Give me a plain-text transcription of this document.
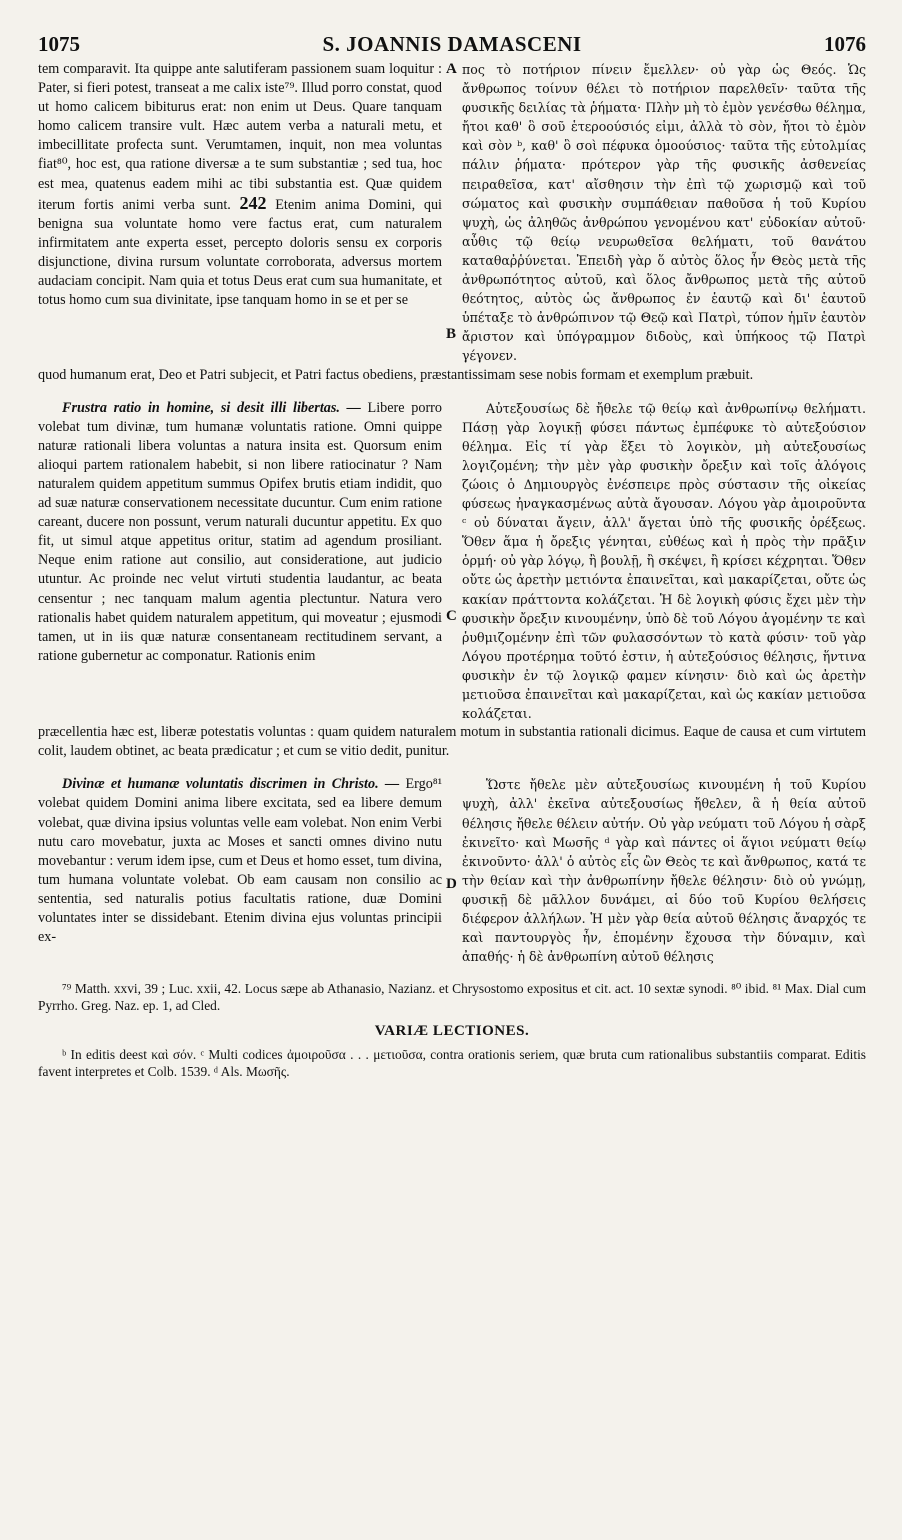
1075	S. JOANNIS DAMASCENI	1076

tem comparavit. Ita quippe ante salutiferam passionem suam loquitur : Pater, si fieri potest, transeat a me calix iste⁷⁹. Illud porro constat, quod ut homo calicem bibiturus erat: non enim ut Deus. Quare tanquam homo calicem transire vult. Hæc autem verba a naturali metu, et imbecillitate profecta sunt. Verumtamen, inquit, non mea voluntas fiat⁸⁰, hoc est, qua ratione diversæ a te sum substantiæ ; sed tua, hoc est mea, quatenus eadem mihi ac tibi substantia est. Quæ quidem iterum fortis animi verba sunt. 242 Etenim anima Domini, qui benigna sua voluntate homo vere factus erat, cum naturalem infirmitatem ante experta esset, percepto doloris sensu ex corporis disjunctione, divina rursum voluntate corroborata, adversus mortem audaciam concipit. Nam quia et totus Deus erat cum sua humanitate, et totus homo cum sua divinitate, ipse tanquam homo in se et per se

A
B

πος τὸ ποτήριον πίνειν ἔμελλεν· οὐ γὰρ ὡς Θεός. Ὡς ἄνθρωπος τοίνυν θέλει τὸ ποτήριον παρελθεῖν· ταῦτα τῆς φυσικῆς δειλίας τὰ ῥήματα· Πλὴν μὴ τὸ ἐμὸν γενέσθω θέλημα, ἤτοι καθ' ὃ σοῦ ἑτεροούσιός εἰμι, ἀλλὰ τὸ σὸν, ἤτοι τὸ ἐμὸν καὶ σὸν ᵇ, καθ' ὃ σοὶ πέφυκα ὁμοούσιος· ταῦτα τῆς εὐτολμίας πάλιν ῥήματα· πρότερον γὰρ τῆς φυσικῆς ἀσθενείας πειραθεῖσα, κατ' αἴσθησιν τὴν ἐπὶ τῷ χωρισμῷ καὶ τοῦ σώματος καὶ φυσικὴν συμπάθειαν παθοῦσα ἡ τοῦ Κυρίου ψυχὴ, ὡς ἀληθῶς ἀνθρώπου γενομένου κατ' εὐδοκίαν αὐτοῦ· αὖθις τῷ θείῳ νευρωθεῖσα θελήματι, τοῦ θανάτου καταθαῤῥύνεται. Ἐπειδὴ γὰρ ὅ αὐτὸς ὅλος ἦν Θεὸς μετὰ τῆς ἀνθρωπότητος αὐτοῦ, καὶ ὅλος ἄνθρωπος μετὰ τῆς αὐτοῦ θεότητος, αὐτὸς ὡς ἄνθρωπος ἐν ἑαυτῷ καὶ δι' ἑαυτοῦ ὑπέταξε τὸ ἀνθρώπινον τῷ Θεῷ καὶ Πατρὶ, τύπον ἡμῖν ἑαυτὸν ἄριστον καὶ ὑπόγραμμον διδοὺς, καὶ ὑπήκοος τῷ Πατρὶ γέγονεν.

quod humanum erat, Deo et Patri subjecit, et Patri factus obediens, præstantissimam sese nobis formam et exemplum præbuit.

Frustra ratio in homine, si desit illi libertas. — Libere porro volebat tum divinæ, tum humanæ voluntatis ratione. Omni quippe naturæ rationali libera voluntas a natura insita est. Quorsum enim alioqui partem rationalem habebit, si non libere ratiocinatur ? Nam naturalem quidem appetitum summus Opifex brutis etiam indidit, quo ad suæ naturæ conservationem necessitate ducuntur. Cum enim ratione careant, ducere non possunt, verum naturali ducuntur appetitu. Ex quo fit, ut simul atque appetitus oritur, statim ad agendum prosiliant. Neque enim ratione aut consilio, aut consideratione, aut judicio utuntur. Ac proinde nec velut virtuti studentia laudantur, ac beata censentur ; nec tanquam malum agentia plectuntur. Natura vero rationalis habet quidem naturalem appetitum, qui moveatur ; ejusmodi tamen, ut in iis quæ naturæ consentaneam rectitudinem servant, a ratione gubernetur ac componatur. Rationis enim

C

Αὐτεξουσίως δὲ ἤθελε τῷ θείῳ καὶ ἀνθρωπίνῳ θελήματι. Πάσῃ γὰρ λογικῇ φύσει πάντως ἐμπέφυκε τὸ αὐτεξούσιον θέλημα. Εἰς τί γὰρ ἕξει τὸ λογικὸν, μὴ αὐτεξουσίως λογιζομένη; τὴν μὲν γὰρ φυσικὴν ὄρεξιν καὶ τοῖς ἀλόγοις ζώοις ὁ Δημιουργὸς ἐνέσπειρε πρὸς σύστασιν τῆς οἰκείας φύσεως ἠναγκασμένως αὐτὰ ἄγουσαν. Λόγου γὰρ ἀμοιροῦντα ᶜ οὐ δύναται ἄγειν, ἀλλ' ἄγεται ὑπὸ τῆς φυσικῆς ὀρέξεως. Ὅθεν ἅμα ἡ ὄρεξις γένηται, εὐθέως καὶ ἡ πρὸς τὴν πρᾶξιν ὁρμή· οὐ γὰρ λόγῳ, ἢ βουλῇ, ἢ σκέψει, ἢ κρίσει κέχρηται. Ὅθεν οὔτε ὡς ἀρετὴν μετιόντα ἐπαινεῖται, καὶ μακαρίζεται, οὔτε ὡς κακίαν πράττοντα κολάζεται. Ἡ δὲ λογικὴ φύσις ἔχει μὲν τὴν φυσικὴν ὄρεξιν κινουμένην, ὑπὸ δὲ τοῦ Λόγου ἀγομένην τε καὶ ῥυθμιζομένην ἐπὶ τῶν φυλασσόντων τὸ κατὰ φύσιν· τοῦ γὰρ Λόγου προτέρημα τοῦτό ἐστιν, ἡ αὐτεξούσιος θέλησις, ἥντινα φυσικὴν ἐν τῷ λογικῷ φαμεν κίνησιν· διὸ καὶ ὡς ἀρετὴν μετιοῦσα ἐπαινεῖται καὶ μακαρίζεται, καὶ ὡς κακίαν μετιοῦσα κολάζεται.

præcellentia hæc est, liberæ potestatis voluntas : quam quidem naturalem motum in substantia rationali dicimus. Eaque de causa et cum virtutem colit, laudem obtinet, ac beata prædicatur ; et cum se vitio dedit, punitur.

Divinæ et humanæ voluntatis discrimen in Christo. — Ergo⁸¹ volebat quidem Domini anima libere excitata, sed ea libere demum volebat, quæ divina ipsius voluntas velle eam volebat. Non enim Verbi nutu caro movebatur, juxta ac Moses et sancti omnes divino nutu movebantur : verum idem ipse, cum et Deus et homo esset, tum divina, tum humana voluntate volebat. Ob eam causam non consilio ac sententia, sed naturalis potius facultatis ratione, duæ Domini voluntates inter se dissidebant. Etenim divina ejus voluntas principii ex-

D

Ὥστε ἤθελε μὲν αὐτεξουσίως κινουμένη ἡ τοῦ Κυρίου ψυχὴ, ἀλλ' ἐκεῖνα αὐτεξουσίως ἤθελεν, ἃ ἡ θεία αὐτοῦ θέλησις ἤθελε θέλειν αὐτήν. Οὐ γὰρ νεύματι τοῦ Λόγου ἡ σὰρξ ἐκινεῖτο· καὶ Μωσῆς ᵈ γὰρ καὶ πάντες οἱ ἅγιοι νεύματι θείῳ ἐκινοῦντο· ἀλλ' ὁ αὐτὸς εἷς ὢν Θεὸς τε καὶ ἄνθρωπος, κατά τε τὴν θείαν καὶ τὴν ἀνθρωπίνην ἤθελε θέλησιν· διὸ οὐ γνώμῃ, φυσικῇ δὲ μᾶλλον δυνάμει, αἱ δύο τοῦ Κυρίου θελήσεις διέφερον ἀλλήλων. Ἡ μὲν γὰρ θεία αὐτοῦ θέλησις ἄναρχός τε καὶ παντουργὸς ἦν, ἑπομένην ἔχουσα τὴν δύναμιν, καὶ ἀπαθής· ἡ δὲ ἀνθρωπίνη αὐτοῦ θέλησις

⁷⁹ Matth. xxvi, 39 ; Luc. xxii, 42. Locus sæpe ab Athanasio, Nazianz. et Chrysostomo expositus et cit. act. 10 sextæ synodi. ⁸⁰ ibid. ⁸¹ Max. Dial cum Pyrrho. Greg. Naz. ep. 1, ad Cled.

VARIÆ LECTIONES.

ᵇ In editis deest καὶ σόν. ᶜ Multi codices ἀμοιροῦσα . . . μετιοῦσα, contra orationis seriem, quæ bruta cum rationalibus substantiis comparat. Editis favent interpretes et Colb. 1539. ᵈ Als. Μωσῆς.
